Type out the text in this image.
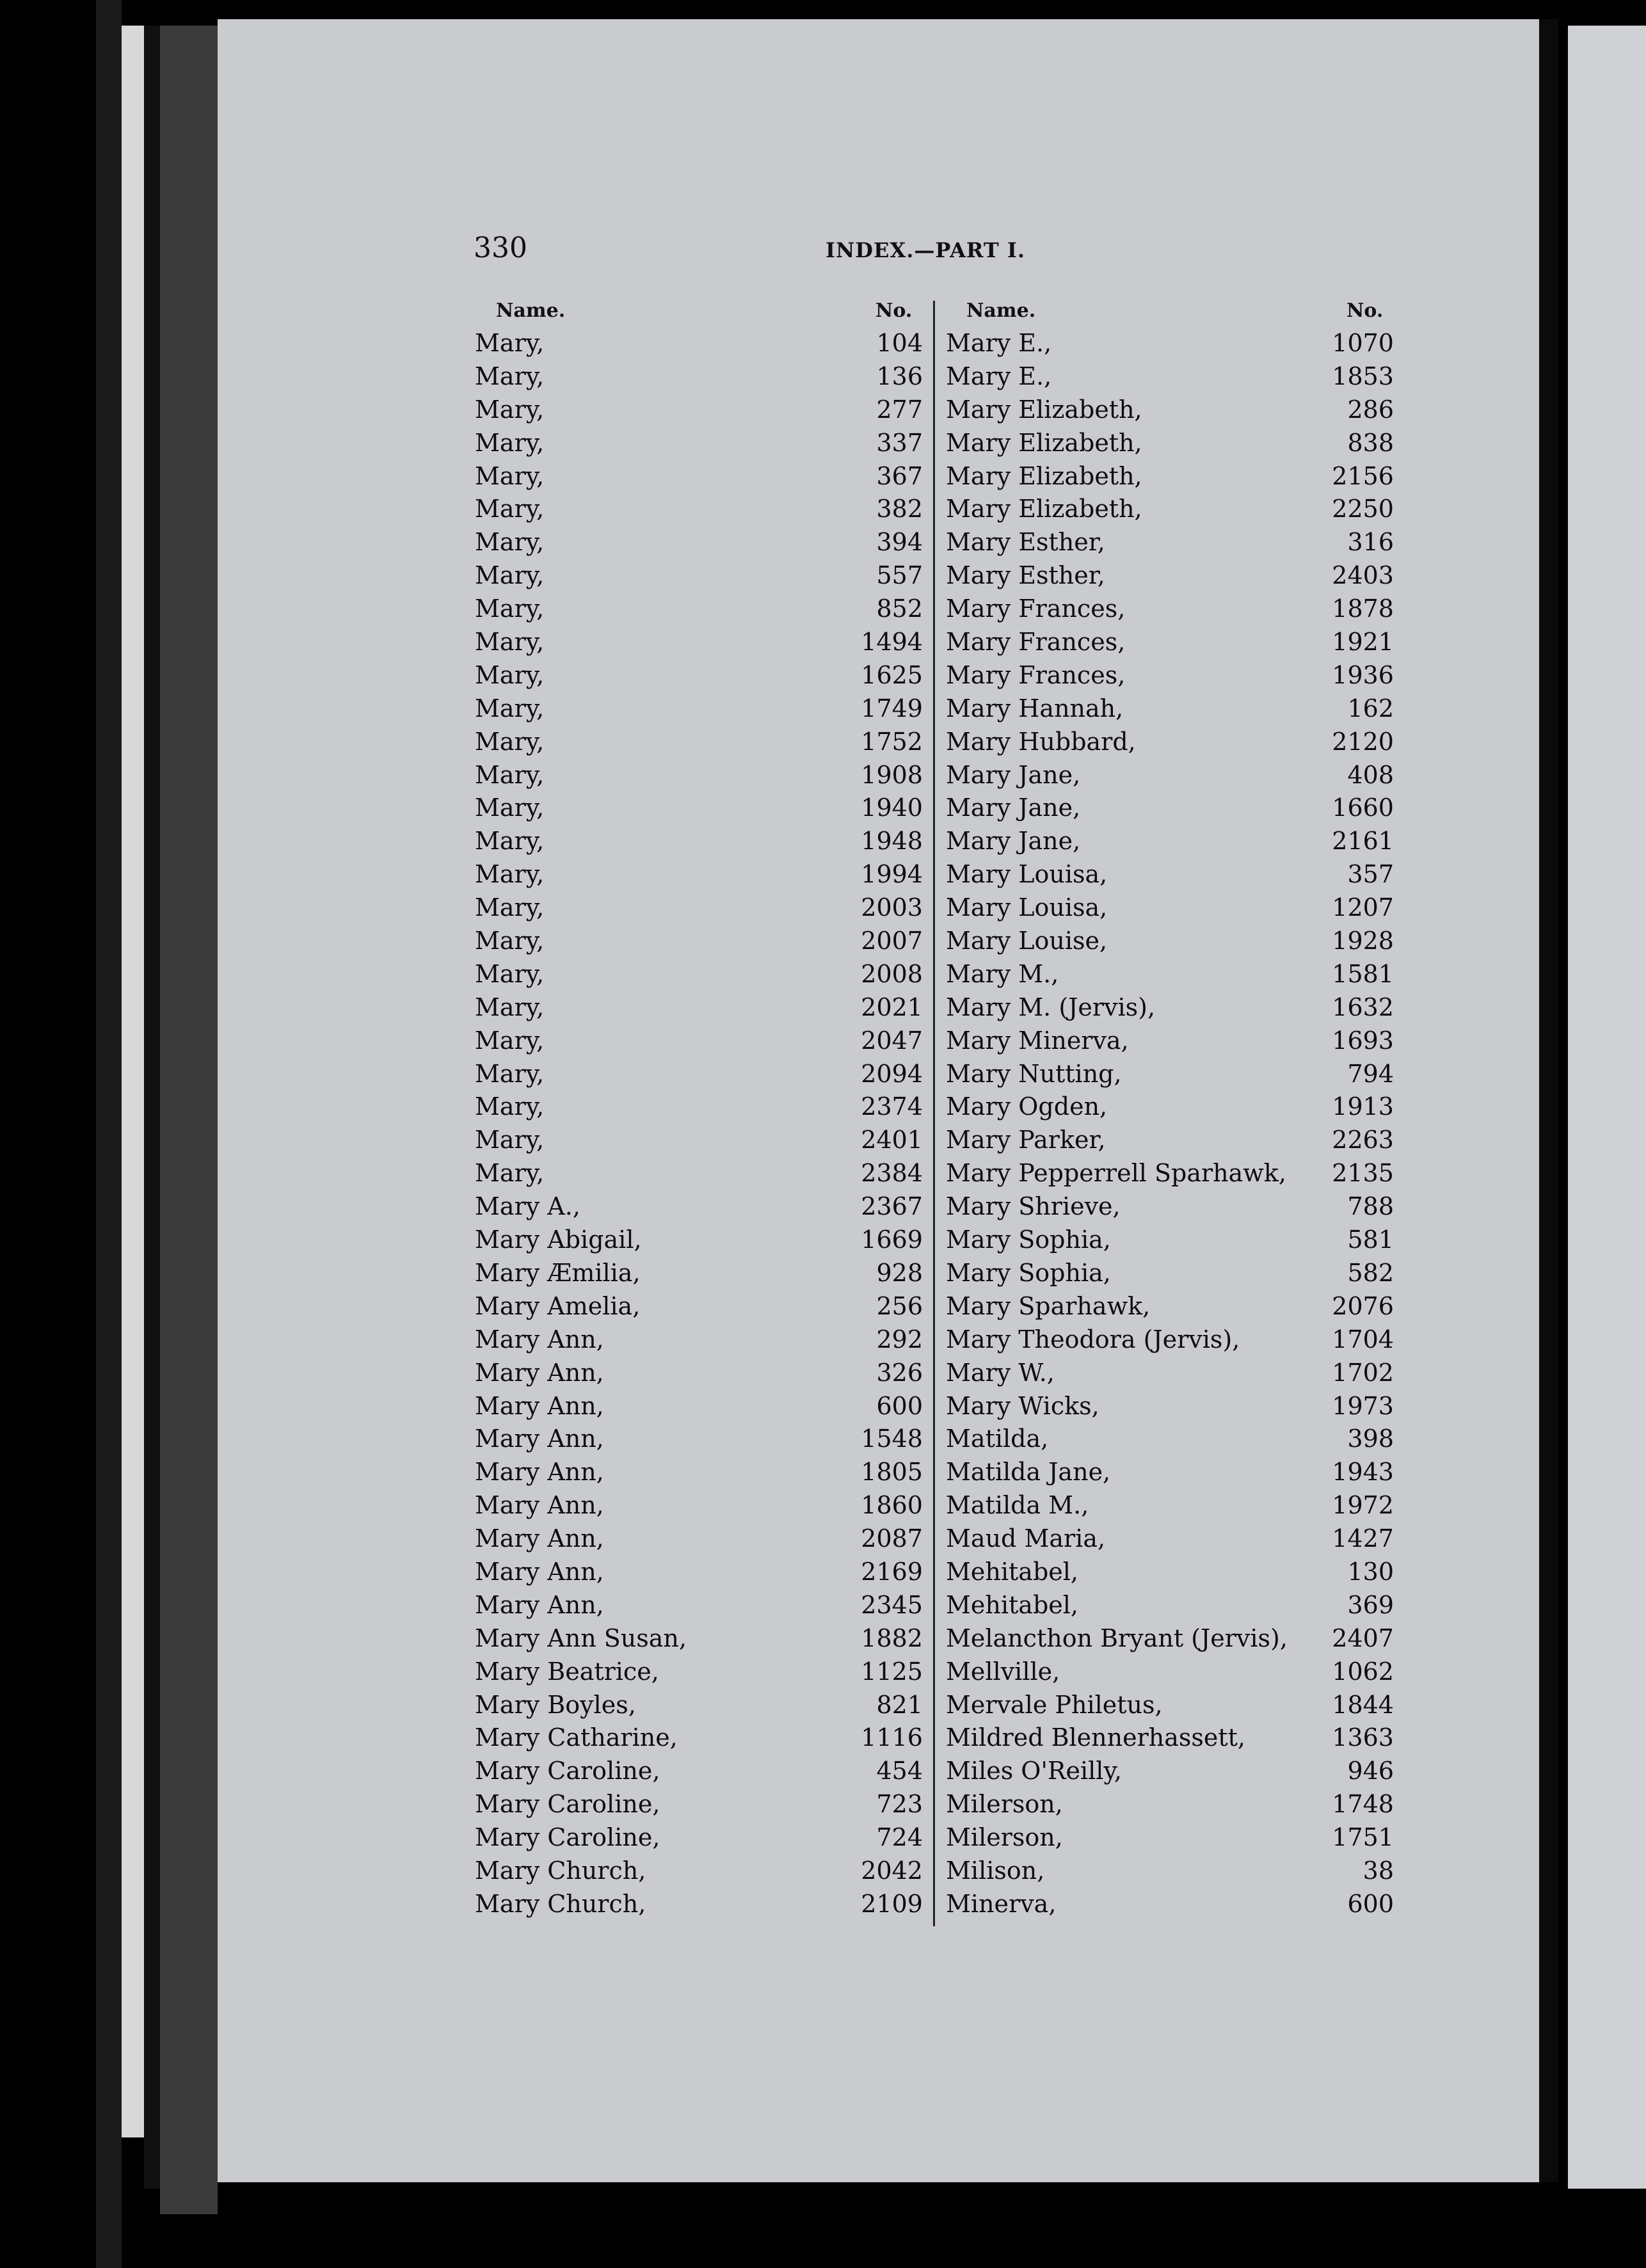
330	INDEX.—PART I.
Name.	No.	Name.	No.
Mary,	104
Mary,	136
Mary,	277
Mary,	337
Mary,	367
Mary,	382
Mary,	394
Mary,	557
Mary,	852
Mary,	1494
Mary,	1625
Mary,	1749
Mary,	1752
Mary,	1908
Mary,	1940
Mary,	1948
Mary,	1994
Mary,	2003
Mary,	2007
Mary,	2008
Mary,	2021
Mary,	2047
Mary,	2094
Mary,	2374
Mary,	2401
Mary,	2384
Mary A.,	2367
Mary Abigail,	1669
Mary Æmilia,	928
Mary Amelia,	256
Mary Ann,	292
Mary Ann,	326
Mary Ann,	600
Mary Ann,	1548
Mary Ann,	1805
Mary Ann,	1860
Mary Ann,	2087
Mary Ann,	2169
Mary Ann,	2345
Mary Ann Susan,	1882
Mary Beatrice,	1125
Mary Boyles,	821
Mary Catharine,	1116
Mary Caroline,	454
Mary Caroline,	723
Mary Caroline,	724
Mary Church,	2042
Mary Church,	2109
Mary E.,	1070
Mary E.,	1853
Mary Elizabeth,	286
Mary Elizabeth,	838
Mary Elizabeth,	2156
Mary Elizabeth,	2250
Mary Esther,	316
Mary Esther,	2403
Mary Frances,	1878
Mary Frances,	1921
Mary Frances,	1936
Mary Hannah,	162
Mary Hubbard,	2120
Mary Jane,	408
Mary Jane,	1660
Mary Jane,	2161
Mary Louisa,	357
Mary Louisa,	1207
Mary Louise,	1928
Mary M.,	1581
Mary M. (Jervis),	1632
Mary Minerva,	1693
Mary Nutting,	794
Mary Ogden,	1913
Mary Parker,	2263
Mary Pepperrell Sparhawk, 2135
Mary Shrieve,	788
Mary Sophia,	581
Mary Sophia,	582
Mary Sparhawk,	2076
Mary Theodora (Jervis),	1704
Mary W.,	1702
Mary Wicks,	1973
Matilda,	398
Matilda Jane,	1943
Matilda M.,	1972
Maud Maria,	1427
Mehitabel,	130
Mehitabel,	369
Melancthon Bryant (Jervis), 2407
Mellville,	1062
Mervale Philetus,	1844
Mildred Blennerhassett,	1363
Miles O'Reilly,	946
Milerson,	1748
Milerson,	1751
Milison,	38
Minerva,	600
